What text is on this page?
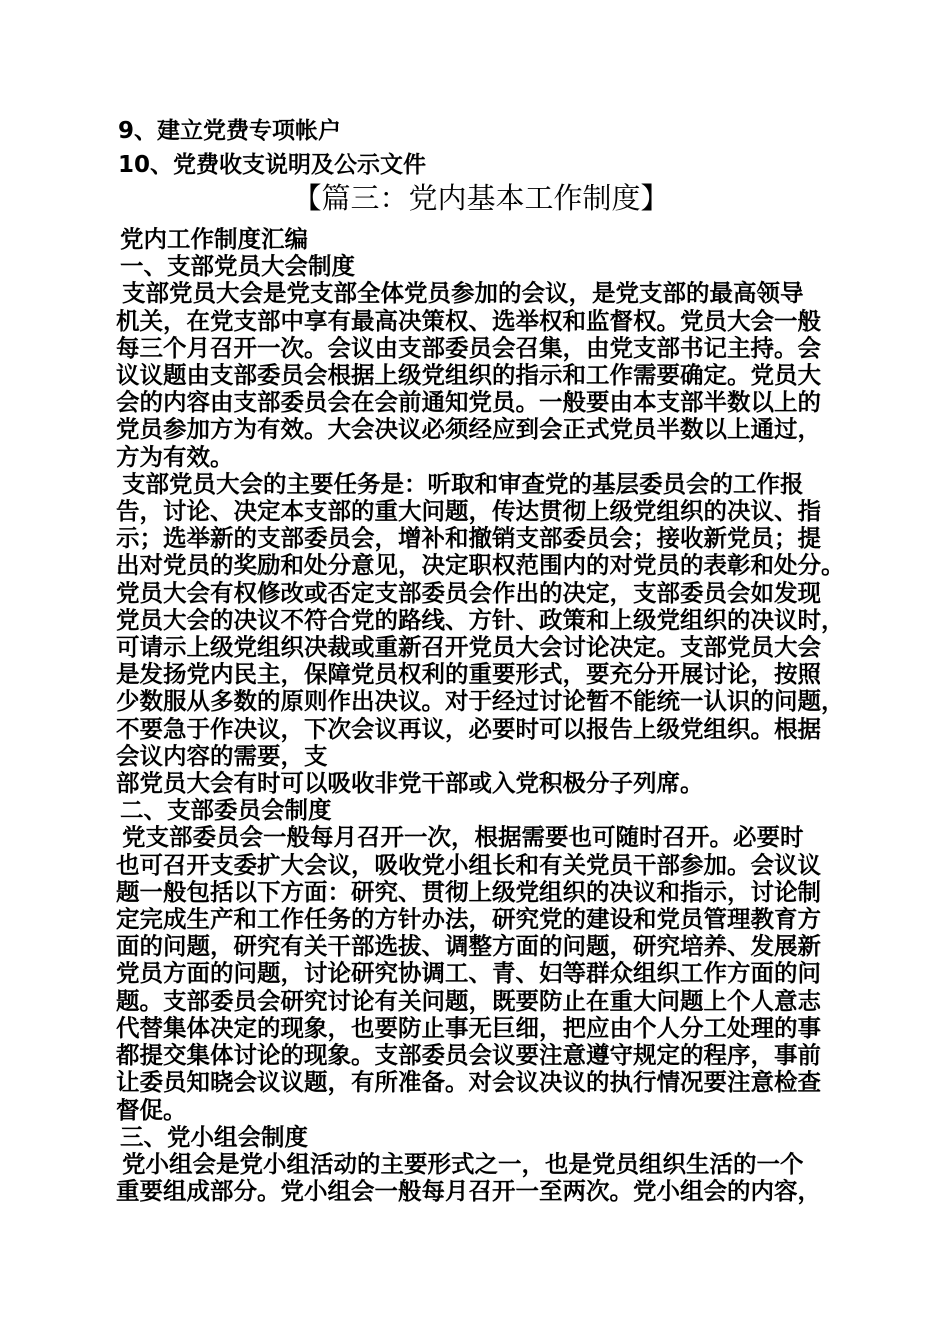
9、建立党费专项帐户
10、党费收支说明及公示文件
【篇三：党内基本工作制度】
党内工作制度汇编
一、支部党员大会制度
支部党员大会是党支部全体党员参加的会议，是党支部的最高领导
机关，在党支部中享有最高决策权、选举权和监督权。党员大会一般
每三个月召开一次。会议由支部委员会召集，由党支部书记主持。会
议议题由支部委员会根据上级党组织的指示和工作需要确定。党员大
会的内容由支部委员会在会前通知党员。一般要由本支部半数以上的
党员参加方为有效。大会决议必须经应到会正式党员半数以上通过，
方为有效。
支部党员大会的主要任务是：听取和审查党的基层委员会的工作报
告，讨论、决定本支部的重大问题，传达贯彻上级党组织的决议、指
示；选举新的支部委员会，增补和撤销支部委员会；接收新党员；提
出对党员的奖励和处分意见，决定职权范围内的对党员的表彰和处分。
党员大会有权修改或否定支部委员会作出的决定，支部委员会如发现
党员大会的决议不符合党的路线、方针、政策和上级党组织的决议时，
可请示上级党组织决裁或重新召开党员大会讨论决定。支部党员大会
是发扬党内民主，保障党员权利的重要形式，要充分开展讨论，按照
少数服从多数的原则作出决议。对于经过讨论暂不能统一认识的问题，
不要急于作决议，下次会议再议，必要时可以报告上级党组织。根据
会议内容的需要，支
部党员大会有时可以吸收非党干部或入党积极分子列席。
二、支部委员会制度
党支部委员会一般每月召开一次，根据需要也可随时召开。必要时
也可召开支委扩大会议，吸收党小组长和有关党员干部参加。会议议
题一般包括以下方面：研究、贯彻上级党组织的决议和指示，讨论制
定完成生产和工作任务的方针办法，研究党的建设和党员管理教育方
面的问题，研究有关干部选拔、调整方面的问题，研究培养、发展新
党员方面的问题，讨论研究协调工、青、妇等群众组织工作方面的问
题。支部委员会研究讨论有关问题，既要防止在重大问题上个人意志
代替集体决定的现象，也要防止事无巨细，把应由个人分工处理的事
都提交集体讨论的现象。支部委员会议要注意遵守规定的程序，事前
让委员知晓会议议题，有所准备。对会议决议的执行情况要注意检查
督促。
三、党小组会制度
党小组会是党小组活动的主要形式之一，也是党员组织生活的一个
重要组成部分。党小组会一般每月召开一至两次。党小组会的内容，
